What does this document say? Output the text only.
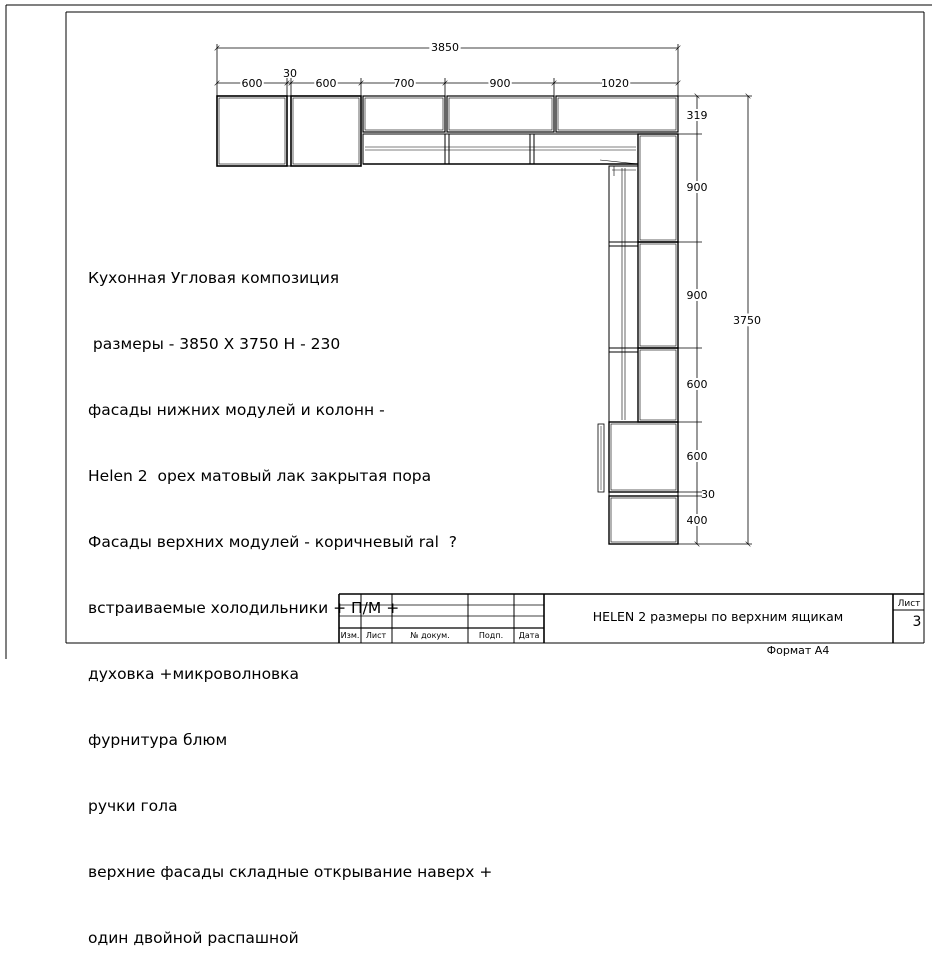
3850
30
600	600	700	900	1020
3750
319
900
900
600
600
30
400
Изм. Лист	№ докум.	Подп. Дата
Лист
HELEN 2 размеры по верхним ящикам	3
Формат А4

Кухонная Угловая композиция

размеры - 3850 X 3750 H - 230

фасады нижних модулей и колонн -

Helen 2  орех матовый лак закрытая пора

Фасады верхних модулей - коричневый ral  ?

встраиваемые холодильники + П/М +

духовка +микроволновка

фурнитура блюм

ручки гола

верхние фасады складные открывание наверх +

один двойной распашной
